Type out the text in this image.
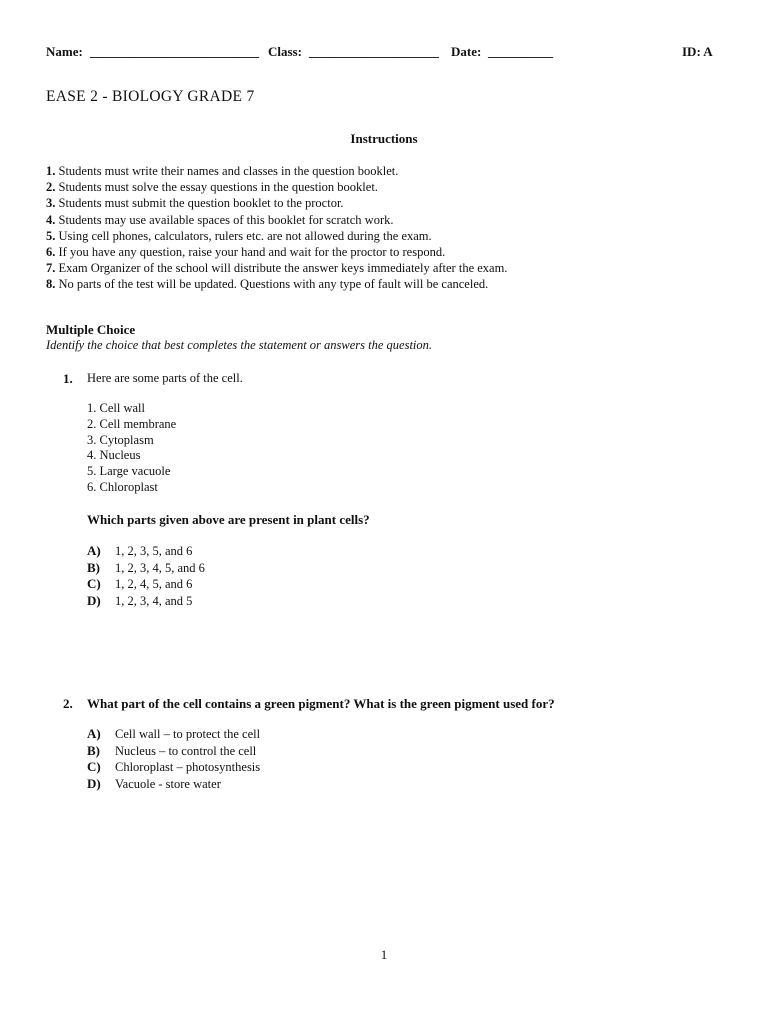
Name: __________________________ Class: ____________________ Date: __________	ID: A
EASE 2 - BIOLOGY GRADE 7
Instructions
1. Students must write their names and classes in the question booklet.
2. Students must solve the essay questions in the question booklet.
3. Students must submit the question booklet to the proctor.
4. Students may use available spaces of this booklet for scratch work.
5. Using cell phones, calculators, rulers etc. are not allowed during the exam.
6. If you have any question, raise your hand and wait for the proctor to respond.
7. Exam Organizer of the school will distribute the answer keys immediately after the exam.
8. No parts of the test will be updated. Questions with any type of fault will be canceled.
Multiple Choice
Identify the choice that best completes the statement or answers the question.
1. Here are some parts of the cell.
1. Cell wall
2. Cell membrane
3. Cytoplasm
4. Nucleus
5. Large vacuole
6. Chloroplast
Which parts given above are present in plant cells?
A) 1, 2, 3, 5, and 6
B) 1, 2, 3, 4, 5, and 6
C) 1, 2, 4, 5, and 6
D) 1, 2, 3, 4, and 5
2. What part of the cell contains a green pigment? What is the green pigment used for?
A) Cell wall – to protect the cell
B) Nucleus – to control the cell
C) Chloroplast – photosynthesis
D) Vacuole - store water
1
